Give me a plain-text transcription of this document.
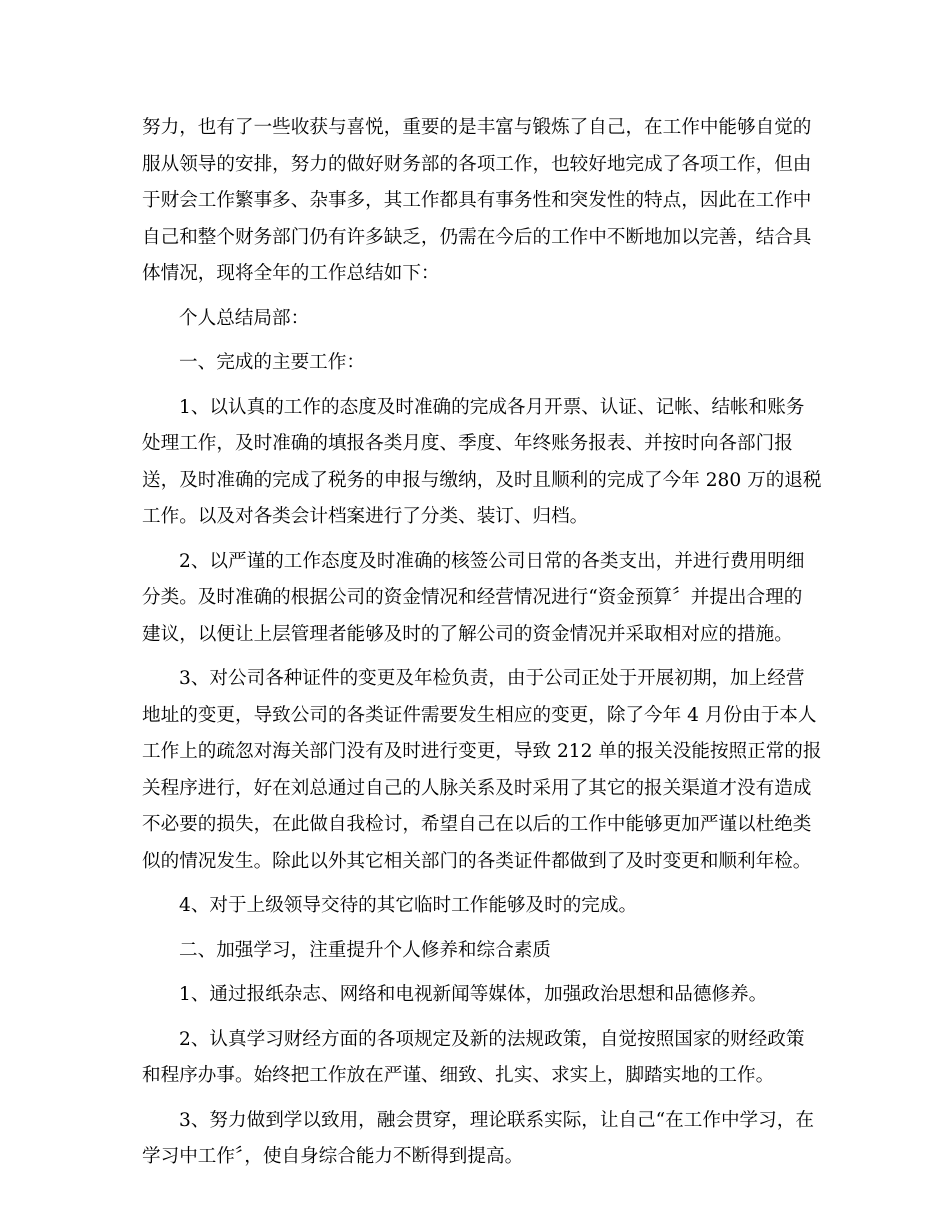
努力，也有了一些收获与喜悦，重要的是丰富与锻炼了自己，在工作中能够自觉的
服从领导的安排，努力的做好财务部的各项工作，也较好地完成了各项工作，但由
于财会工作繁事多、杂事多，其工作都具有事务性和突发性的特点，因此在工作中
自己和整个财务部门仍有许多缺乏，仍需在今后的工作中不断地加以完善，结合具
体情况，现将全年的工作总结如下：
个人总结局部：
一、完成的主要工作：
1、以认真的工作的态度及时准确的完成各月开票、认证、记帐、结帐和账务
处理工作，及时准确的填报各类月度、季度、年终账务报表、并按时向各部门报
送，及时准确的完成了税务的申报与缴纳，及时且顺利的完成了今年 280 万的退税
工作。以及对各类会计档案进行了分类、装订、归档。
2、以严谨的工作态度及时准确的核签公司日常的各类支出，并进行费用明细
分类。及时准确的根据公司的资金情况和经营情况进行“资金预算〞并提出合理的
建议，以便让上层管理者能够及时的了解公司的资金情况并采取相对应的措施。
3、对公司各种证件的变更及年检负责，由于公司正处于开展初期，加上经营
地址的变更，导致公司的各类证件需要发生相应的变更，除了今年 4 月份由于本人
工作上的疏忽对海关部门没有及时进行变更，导致 212 单的报关没能按照正常的报
关程序进行，好在刘总通过自己的人脉关系及时采用了其它的报关渠道才没有造成
不必要的损失，在此做自我检讨，希望自己在以后的工作中能够更加严谨以杜绝类
似的情况发生。除此以外其它相关部门的各类证件都做到了及时变更和顺利年检。
4、对于上级领导交待的其它临时工作能够及时的完成。
二、加强学习，注重提升个人修养和综合素质
1、通过报纸杂志、网络和电视新闻等媒体，加强政治思想和品德修养。
2、认真学习财经方面的各项规定及新的法规政策，自觉按照国家的财经政策
和程序办事。始终把工作放在严谨、细致、扎实、求实上，脚踏实地的工作。
3、努力做到学以致用，融会贯穿，理论联系实际，让自己“在工作中学习，在
学习中工作〞，使自身综合能力不断得到提高。
